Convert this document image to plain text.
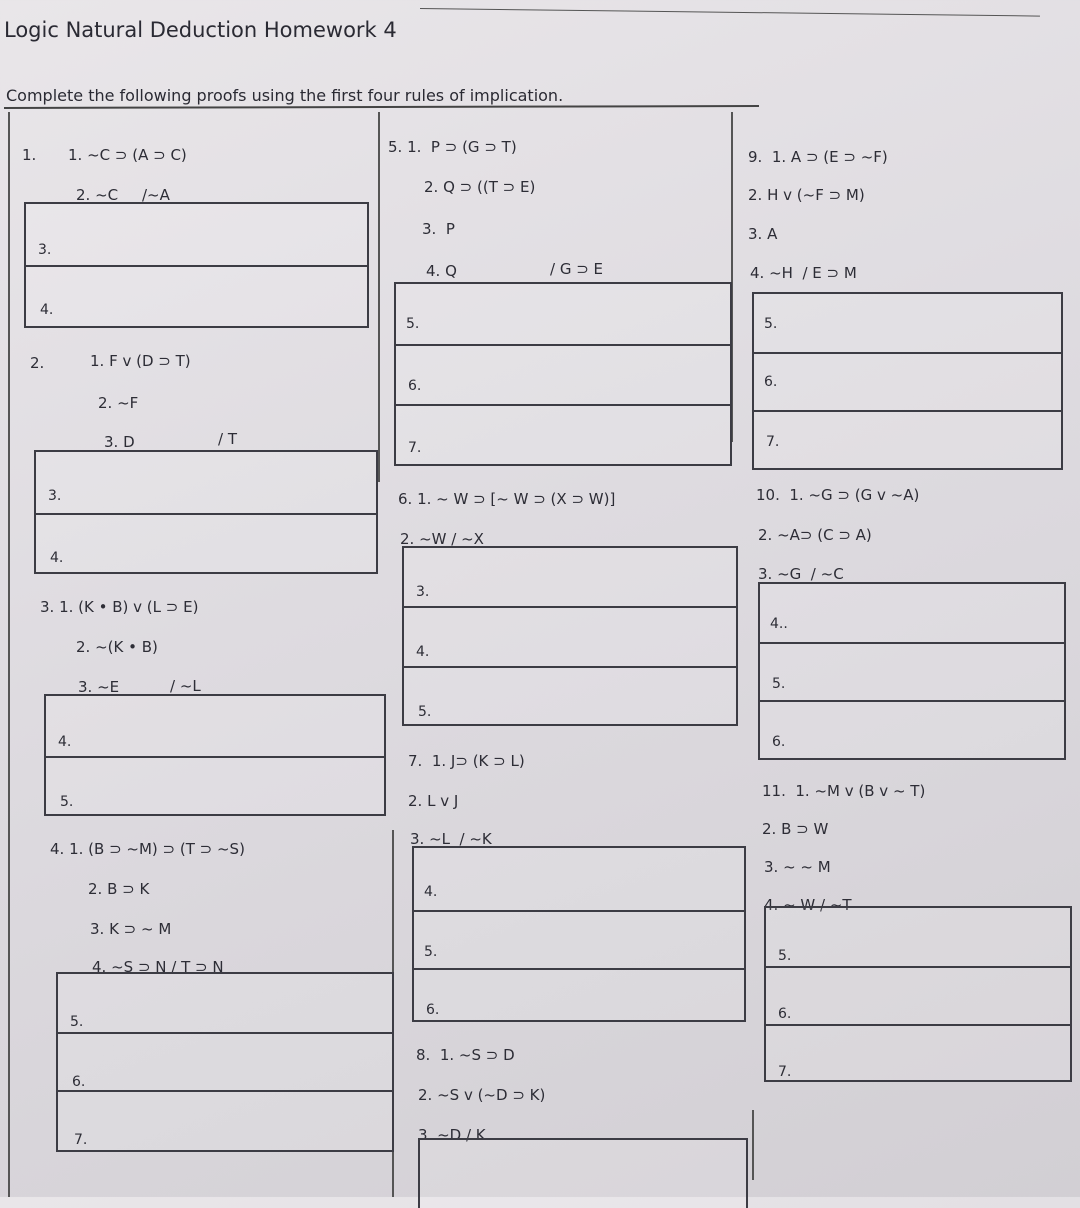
Logic Natural Deduction Homework 4
Complete the following proofs using the first four rules of implication.
1. 1. ~C ⊃ (A ⊃ C)
2. ~C     /~A
3.
4.
2.	1. F v (D ⊃ T)
2. ~F
3. D	/ T
3.
4.
3. 1. (K • B) v (L ⊃ E)
2. ~(K • B)
3. ~E	/ ~L
4.
5.
4. 1. (B ⊃ ~M) ⊃ (T ⊃ ~S)
2. B ⊃ K
3. K ⊃ ~ M
4. ~S ⊃ N / T ⊃ N
5.
6.
7.
5. 1.  P ⊃ (G ⊃ T)
2. Q ⊃ ((T ⊃ E)
3.  P
4. Q	/ G ⊃ E
5.
6.
7.
6. 1. ~ W ⊃ [~ W ⊃ (X ⊃ W)]
2. ~W / ~X
3.
4.
5.
7.  1. J⊃ (K ⊃ L)
2. L v J
3. ~L  / ~K
4.
5.
6.
8.  1. ~S ⊃ D
2. ~S v (~D ⊃ K)
3. ~D / K
9.  1. A ⊃ (E ⊃ ~F)
2. H v (~F ⊃ M)
3. A
4. ~H  / E ⊃ M
5.
6.
7.
10.  1. ~G ⊃ (G v ~A)
2. ~A⊃ (C ⊃ A)
3. ~G  / ~C
4..
5.
6.
11.  1. ~M v (B v ~ T)
2. B ⊃ W
3. ~ ~ M
4. ~ W / ~T
5.
6.
7.
